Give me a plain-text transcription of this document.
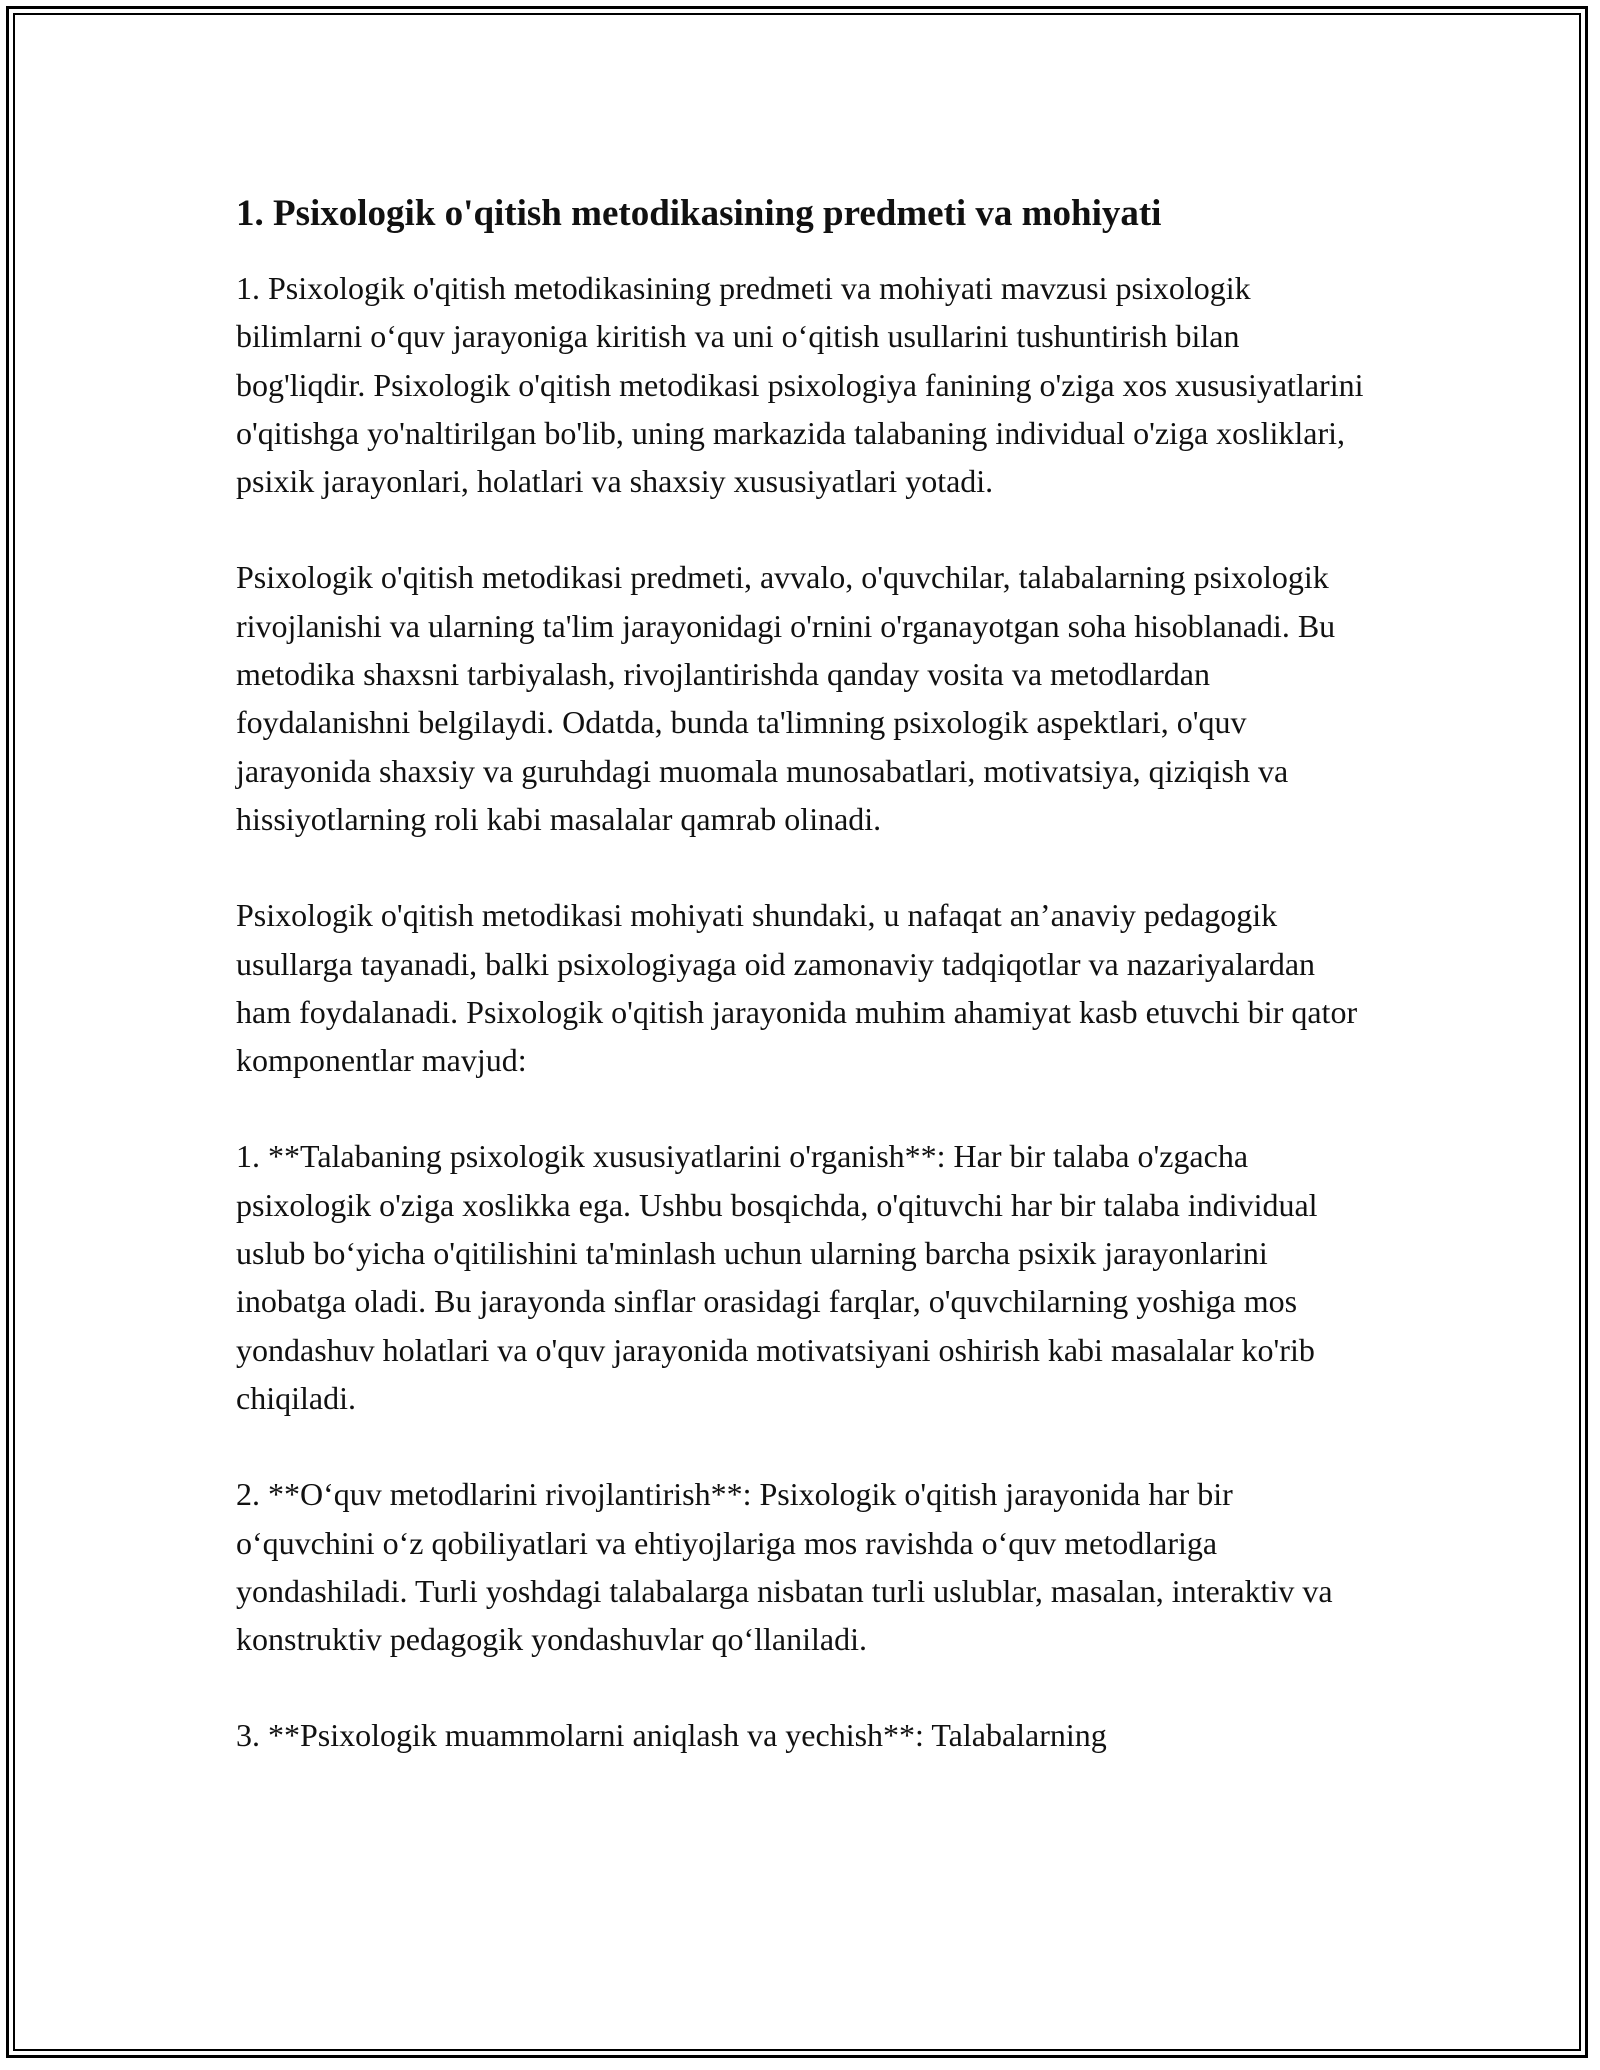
1. Psixologik o'qitish metodikasining predmeti va mohiyati

1. Psixologik o'qitish metodikasining predmeti va mohiyati mavzusi psixologik bilimlarni o‘quv jarayoniga kiritish va uni o‘qitish usullarini tushuntirish bilan bog'liqdir. Psixologik o'qitish metodikasi psixologiya fanining o'ziga xos xususiyatlarini o'qitishga yo'naltirilgan bo'lib, uning markazida talabaning individual o'ziga xosliklari, psixik jarayonlari, holatlari va shaxsiy xususiyatlari yotadi.

Psixologik o'qitish metodikasi predmeti, avvalo, o'quvchilar, talabalarning psixologik rivojlanishi va ularning ta'lim jarayonidagi o'rnini o'rganayotgan soha hisoblanadi. Bu metodika shaxsni tarbiyalash, rivojlantirishda qanday vosita va metodlardan foydalanishni belgilaydi. Odatda, bunda ta'limning psixologik aspektlari, o'quv jarayonida shaxsiy va guruhdagi muomala munosabatlari, motivatsiya, qiziqish va hissiyotlarning roli kabi masalalar qamrab olinadi.

Psixologik o'qitish metodikasi mohiyati shundaki, u nafaqat an’anaviy pedagogik usullarga tayanadi, balki psixologiyaga oid zamonaviy tadqiqotlar va nazariyalardan ham foydalanadi. Psixologik o'qitish jarayonida muhim ahamiyat kasb etuvchi bir qator komponentlar mavjud:

1. **Talabaning psixologik xususiyatlarini o'rganish**: Har bir talaba o'zgacha psixologik o'ziga xoslikka ega. Ushbu bosqichda, o'qituvchi har bir talaba individual uslub bo‘yicha o'qitilishini ta'minlash uchun ularning barcha psixik jarayonlarini inobatga oladi. Bu jarayonda sinflar orasidagi farqlar, o'quvchilarning yoshiga mos yondashuv holatlari va o'quv jarayonida motivatsiyani oshirish kabi masalalar ko'rib chiqiladi.

2. **O‘quv metodlarini rivojlantirish**: Psixologik o'qitish jarayonida har bir o‘quvchini o‘z qobiliyatlari va ehtiyojlariga mos ravishda o‘quv metodlariga yondashiladi. Turli yoshdagi talabalarga nisbatan turli uslublar, masalan, interaktiv va konstruktiv pedagogik yondashuvlar qo‘llaniladi.

3. **Psixologik muammolarni aniqlash va yechish**: Talabalarning
